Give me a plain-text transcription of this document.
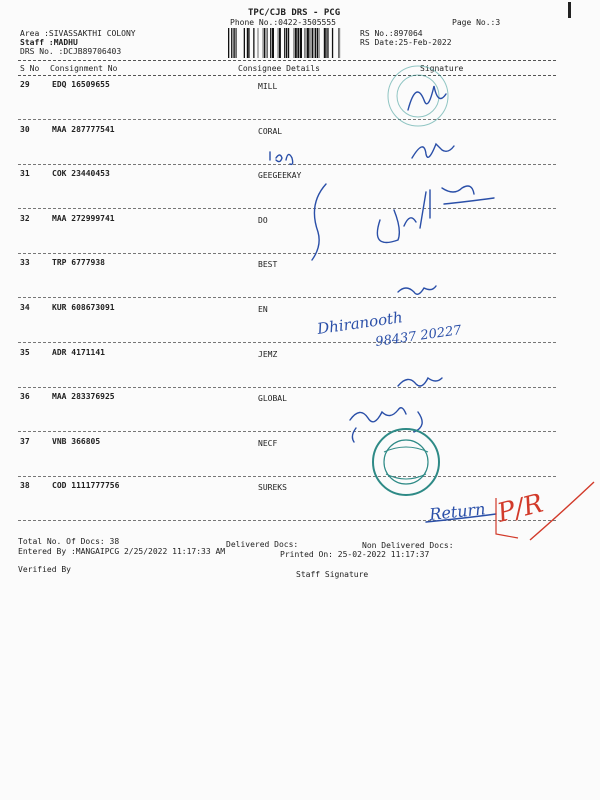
TPC/CJB DRS - PCG
Phone No.:0422-3505555	Page No.:3
Area :SIVASSAKTHI COLONY
Staff :MADHU
DRS No. :DCJB89706403
RS No.:897064
RS Date:25-Feb-2022
S No Consignment No	Consignee Details	Signature
29	EDQ 16509655	MILL
30	MAA 287777541	CORAL
31	COK 23440453	GEEGEEKAY
32	MAA 272999741	DO
33	TRP 6777938	BEST
34	KUR 608673091	EN
35	ADR 4171141	JEMZ
36	MAA 283376925	GLOBAL
37	VNB 366805	NECF
38	COD 1111777756	SUREKS
Total No. Of Docs: 38	Delivered Docs:	Non Delivered Docs:
Entered By :MANGAIPCG 2/25/2022 11:17:33 AM	Printed On: 25-02-2022 11:17:37
Verified By
Staff Signature
Dhiranooth
98437 20227
Return P/R
